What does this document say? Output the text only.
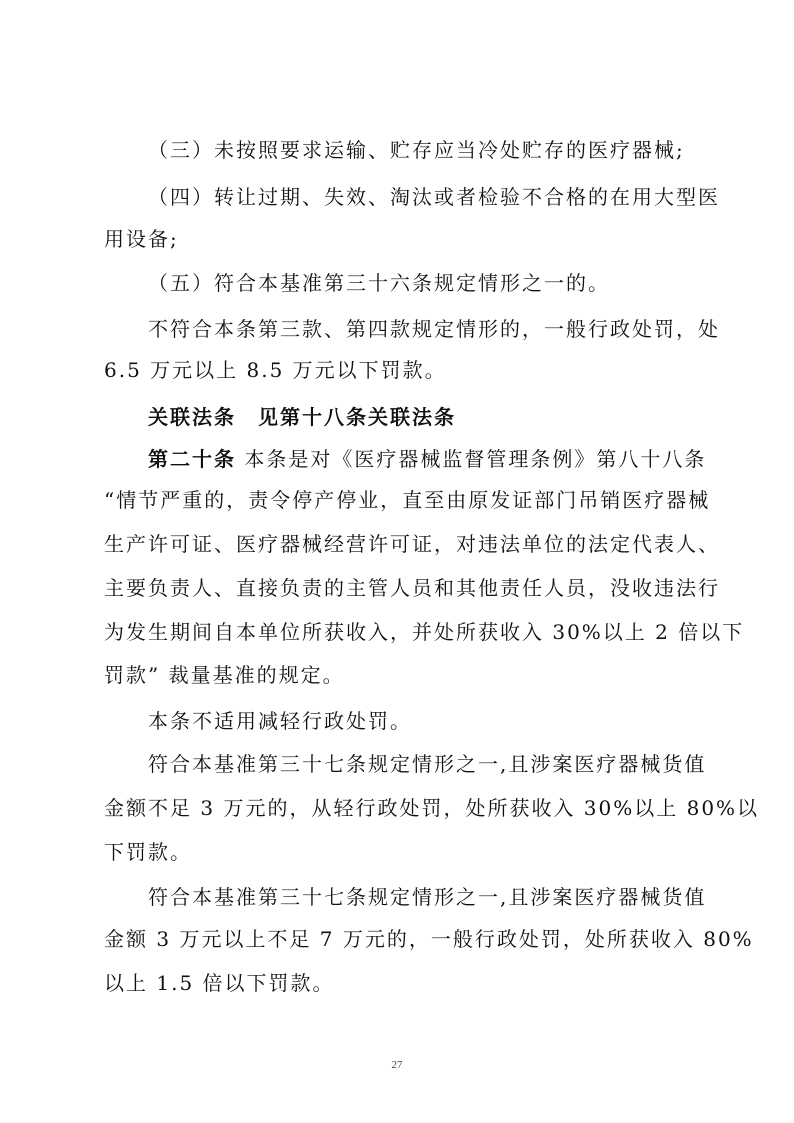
（三）未按照要求运输、贮存应当冷处贮存的医疗器械;
（四）转让过期、失效、淘汰或者检验不合格的在用大型医
用设备;
（五）符合本基准第三十六条规定情形之一的。
不符合本条第三款、第四款规定情形的，一般行政处罚，处
6.5 万元以上 8.5 万元以下罚款。
关联法条　见第十八条关联法条
第二十条 本条是对《医疗器械监督管理条例》第八十八条
“情节严重的，责令停产停业，直至由原发证部门吊销医疗器械
生产许可证、医疗器械经营许可证，对违法单位的法定代表人、
主要负责人、直接负责的主管人员和其他责任人员，没收违法行
为发生期间自本单位所获收入，并处所获收入 30%以上 2 倍以下
罚款” 裁量基准的规定。
本条不适用减轻行政处罚。
符合本基准第三十七条规定情形之一,且涉案医疗器械货值
金额不足 3 万元的，从轻行政处罚，处所获收入 30%以上 80%以
下罚款。
符合本基准第三十七条规定情形之一,且涉案医疗器械货值
金额 3 万元以上不足 7 万元的，一般行政处罚，处所获收入 80%
以上 1.5 倍以下罚款。
27
